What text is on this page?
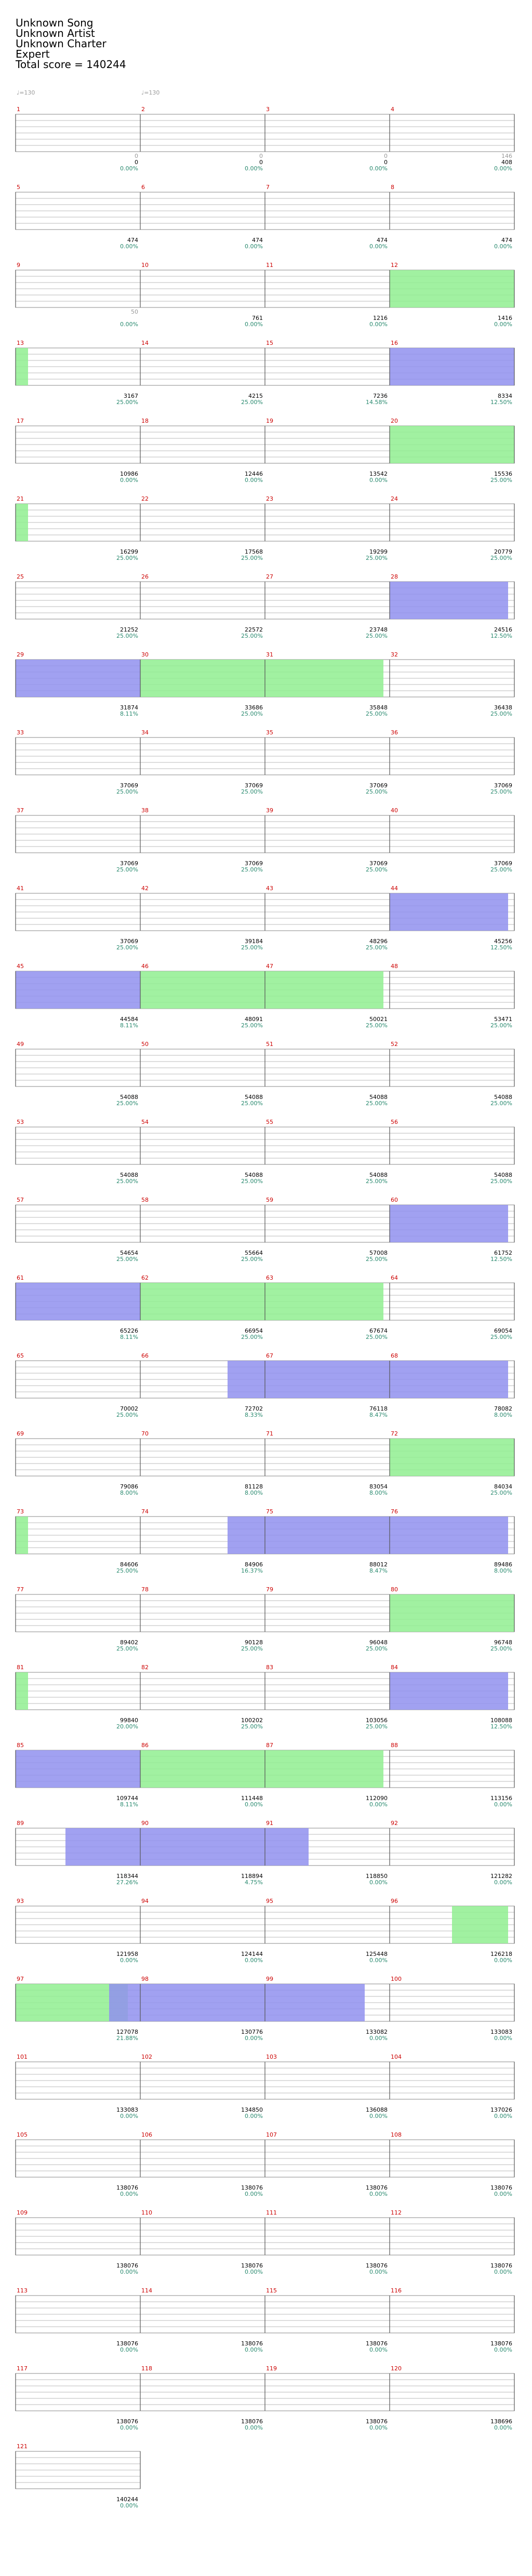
Unknown Song
Unknown Artist
Unknown Charter
Expert
Total score = 140244
♩=130	♩=130
1
0
0
0.00%
2
0
0
0.00%
3
0
0
0.00%
4
146
408
0.00%
5
474
0.00%
6
474
0.00%
7
474
0.00%
8
474
0.00%
9
50
0.00%
10
761
0.00%
11
1216
0.00%
12
1416
0.00%
13
3167
25.00%
14
4215
25.00%
15
7236
14.58%
16
8334
12.50%
17
10986
0.00%
18
12446
0.00%
19
13542
0.00%
20
15536
25.00%
21
16299
25.00%
22
17568
25.00%
23
19299
25.00%
24
20779
25.00%
25
21252
25.00%
26
22572
25.00%
27
23748
25.00%
28
24516
12.50%
29
31874
8.11%
30
33686
25.00%
31
35848
25.00%
32
36438
25.00%
33
37069
25.00%
34
37069
25.00%
35
37069
25.00%
36
37069
25.00%
37
37069
25.00%
38
37069
25.00%
39
37069
25.00%
40
37069
25.00%
41
37069
25.00%
42
39184
25.00%
43
48296
25.00%
44
45256
12.50%
45
44584
8.11%
46
48091
25.00%
47
50021
25.00%
48
53471
25.00%
49
54088
25.00%
50
54088
25.00%
51
54088
25.00%
52
54088
25.00%
53
54088
25.00%
54
54088
25.00%
55
54088
25.00%
56
54088
25.00%
57
54654
25.00%
58
55664
25.00%
59
57008
25.00%
60
61752
12.50%
61
65226
8.11%
62
66954
25.00%
63
67674
25.00%
64
69054
25.00%
65
70002
25.00%
66
72702
8.33%
67
76118
8.47%
68
78082
8.00%
69
79086
8.00%
70
81128
8.00%
71
83054
8.00%
72
84034
25.00%
73
84606
25.00%
74
84906
16.37%
75
88012
8.47%
76
89486
8.00%
77
89402
25.00%
78
90128
25.00%
79
96048
25.00%
80
96748
25.00%
81
99840
20.00%
82
100202
25.00%
83
103056
25.00%
84
108088
12.50%
85
109744
8.11%
86
111448
0.00%
87
112090
0.00%
88
113156
0.00%
89
118344
27.26%
90
118894
4.75%
91
118850
0.00%
92
121282
0.00%
93
121958
0.00%
94
124144
0.00%
95
125448
0.00%
96
126218
0.00%
97
127078
21.88%
98
130776
0.00%
99
133082
0.00%
100
133083
0.00%
101
133083
0.00%
102
134850
0.00%
103
136088
0.00%
104
137026
0.00%
105
138076
0.00%
106
138076
0.00%
107
138076
0.00%
108
138076
0.00%
109
138076
0.00%
110
138076
0.00%
111
138076
0.00%
112
138076
0.00%
113
138076
0.00%
114
138076
0.00%
115
138076
0.00%
116
138076
0.00%
117
138076
0.00%
118
138076
0.00%
119
138076
0.00%
120
138696
0.00%
121
140244
0.00%
